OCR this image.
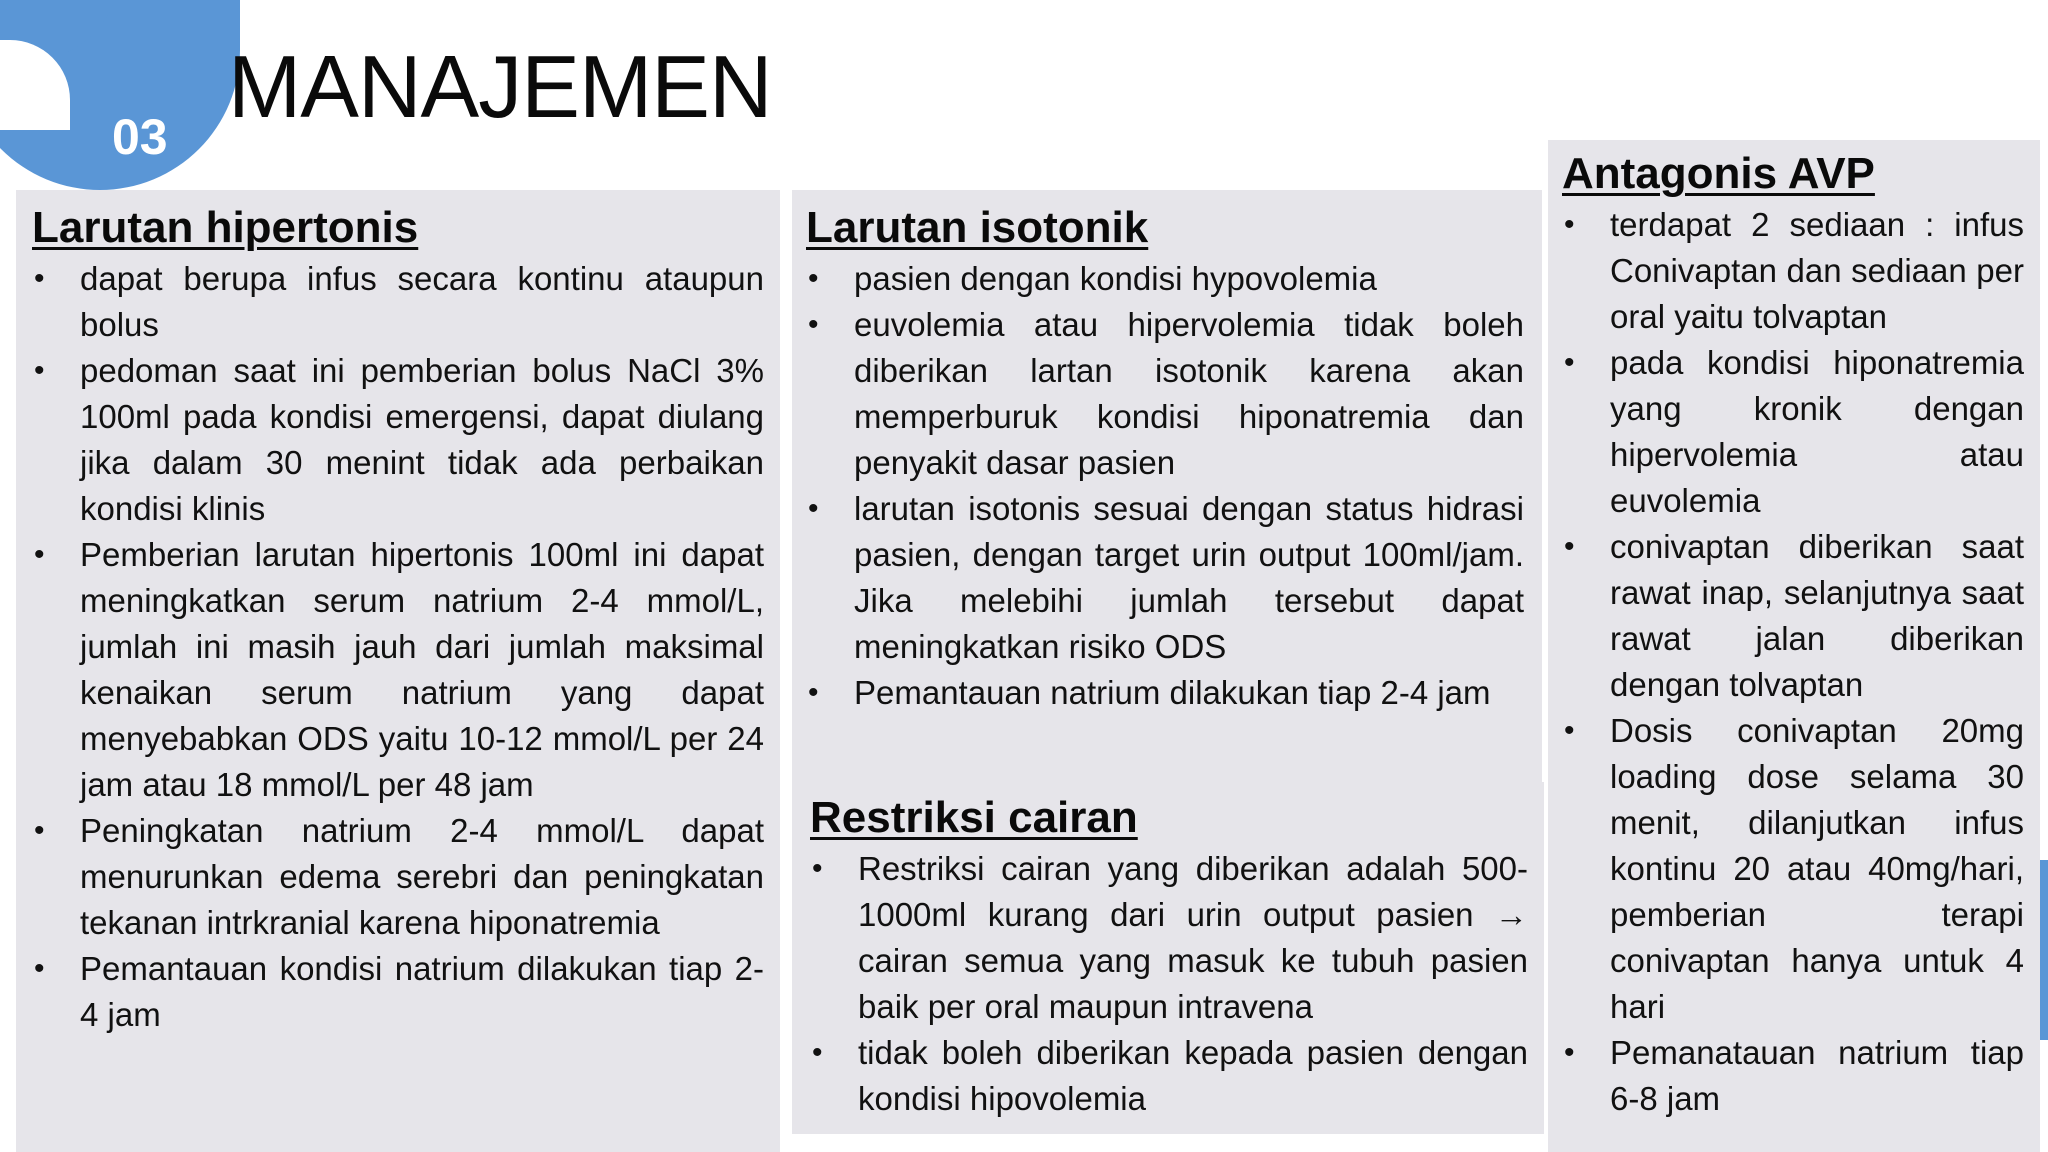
03
MANAJEMEN
Larutan hipertonis
• dapat berupa infus secara kontinu ataupun bolus
• pedoman saat ini pemberian bolus NaCl 3% 100ml pada kondisi emergensi, dapat diulang jika dalam 30 menint tidak ada perbaikan kondisi klinis
• Pemberian larutan hipertonis 100ml ini dapat meningkatkan serum natrium 2-4 mmol/L, jumlah ini masih jauh dari jumlah maksimal kenaikan serum natrium yang dapat menyebabkan ODS yaitu 10-12 mmol/L per 24 jam atau 18 mmol/L per 48 jam
• Peningkatan natrium 2-4 mmol/L dapat menurunkan edema serebri dan peningkatan tekanan intrkranial karena hiponatremia
• Pemantauan kondisi natrium dilakukan tiap 2-4 jam
Larutan isotonik
• pasien dengan kondisi hypovolemia
• euvolemia atau hipervolemia tidak boleh diberikan lartan isotonik karena akan memperburuk kondisi hiponatremia dan penyakit dasar pasien
• larutan isotonis sesuai dengan status hidrasi pasien, dengan target urin output 100ml/jam. Jika melebihi jumlah tersebut dapat meningkatkan risiko ODS
• Pemantauan natrium dilakukan tiap 2-4 jam
Restriksi cairan
• Restriksi cairan yang diberikan adalah 500-1000ml kurang dari urin output pasien → cairan semua yang masuk ke tubuh pasien baik per oral maupun intravena
• tidak boleh diberikan kepada pasien dengan kondisi hipovolemia
Antagonis AVP
• terdapat 2 sediaan : infus Conivaptan dan sediaan per oral yaitu tolvaptan
• pada kondisi hiponatremia yang kronik dengan hipervolemia atau euvolemia
• conivaptan diberikan saat rawat inap, selanjutnya saat rawat jalan diberikan dengan tolvaptan
• Dosis conivaptan 20mg loading dose selama 30 menit, dilanjutkan infus kontinu 20 atau 40mg/hari, pemberian terapi conivaptan hanya untuk 4 hari
• Pemanatauan natrium tiap 6-8 jam
